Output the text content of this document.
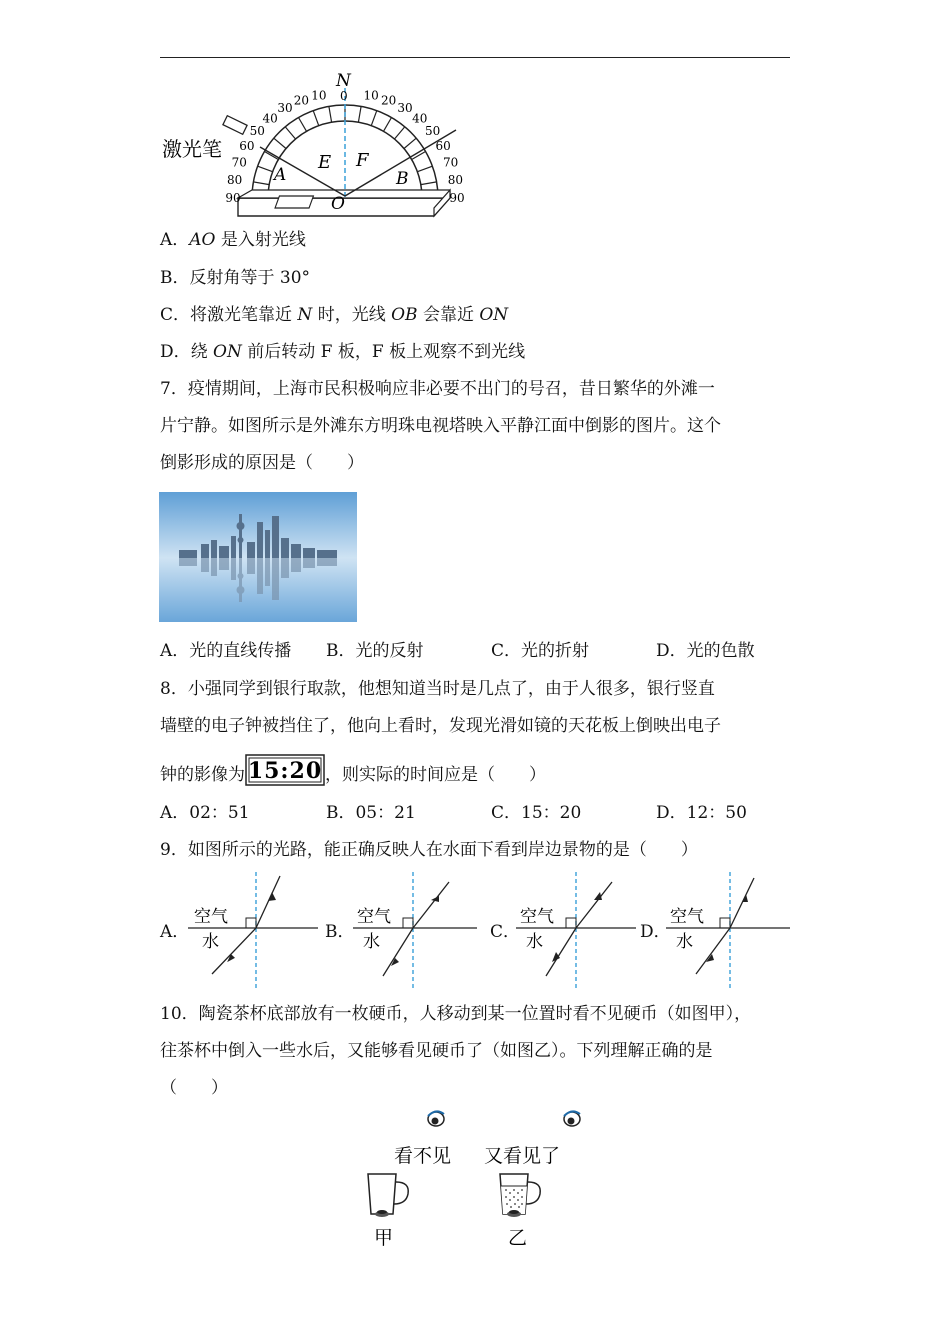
激光笔
N
0
E F
A	B
O
90
80
70
60
50
40
30
20 10	10 20
30
40
50
60
70
80
90
A．AO 是入射光线
B．反射角等于 30°
C．将激光笔靠近 N 时，光线 OB 会靠近 ON
D．绕 ON 前后转动 F 板，F 板上观察不到光线
7．疫情期间，上海市民积极响应非必要不出门的号召，昔日繁华的外滩一
片宁静。如图所示是外滩东方明珠电视塔映入平静江面中倒影的图片。这个
倒影形成的原因是（　　）
A．光的直线传播 B．光的反射	C．光的折射	D．光的色散
8．小强同学到银行取款，他想知道当时是几点了，由于人很多，银行竖直
墙壁的电子钟被挡住了，他向上看时，发现光滑如镜的天花板上倒映出电子
钟的影像为 15:20 ，则实际的时间应是（　　）
A．02：51	B．05：21	C．15：20	D．12：50
9．如图所示的光路，能正确反映人在水面下看到岸边景物的是（　　）
A．	B．	C．	D．
空气
水
空气
水
空气
水
空气
水
10．陶瓷茶杯底部放有一枚硬币，人移动到某一位置时看不见硬币（如图甲），
往茶杯中倒入一些水后，又能够看见硬币了（如图乙）。下列理解正确的是
（　　）
看不见 又看见了
甲	乙
